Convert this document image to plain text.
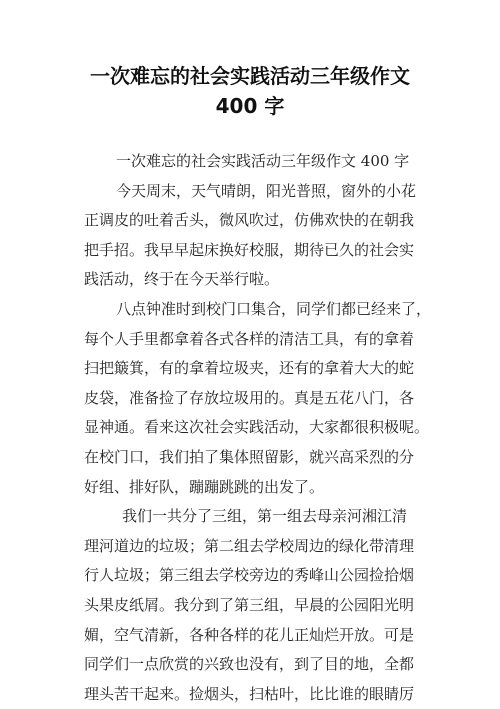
一次难忘的社会实践活动三年级作文
400 字
一次难忘的社会实践活动三年级作文 400 字
今天周末，天气晴朗，阳光普照，窗外的小花
正调皮的吐着舌头，微风吹过，仿佛欢快的在朝我
把手招。我早早起床换好校服，期待已久的社会实
践活动，终于在今天举行啦。
八点钟准时到校门口集合，同学们都已经来了，
每个人手里都拿着各式各样的清洁工具，有的拿着
扫把簸箕，有的拿着垃圾夹，还有的拿着大大的蛇
皮袋，准备捡了存放垃圾用的。真是五花八门，各
显神通。看来这次社会实践活动，大家都很积极呢。
在校门口，我们拍了集体照留影，就兴高采烈的分
好组、排好队，蹦蹦跳跳的出发了。
我们一共分了三组，第一组去母亲河湘江清
理河道边的垃圾；第二组去学校周边的绿化带清理
行人垃圾；第三组去学校旁边的秀峰山公园捡拾烟
头果皮纸屑。我分到了第三组，早晨的公园阳光明
媚，空气清新，各种各样的花儿正灿烂开放。可是
同学们一点欣赏的兴致也没有，到了目的地，全都
理头苦干起来。捡烟头，扫枯叶，比比谁的眼睛厉
